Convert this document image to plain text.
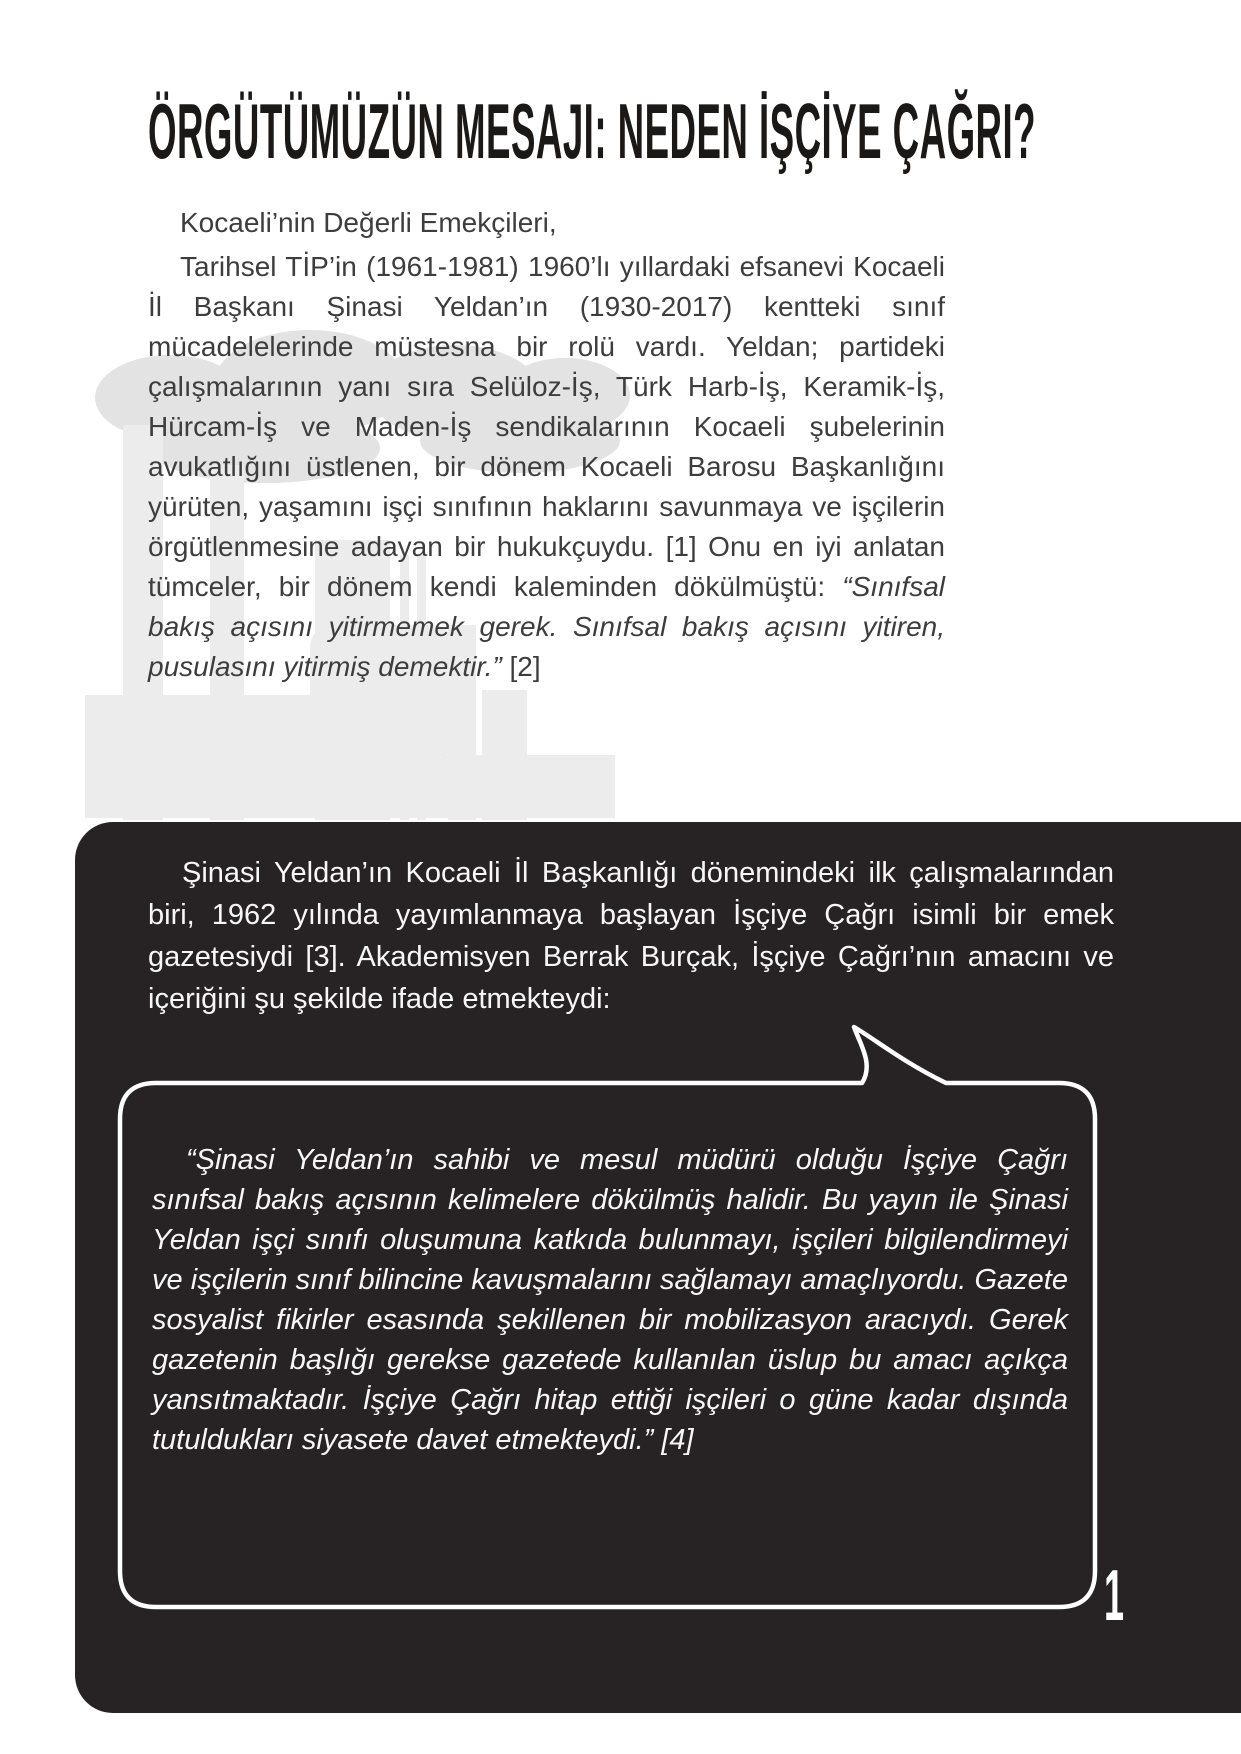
ÖRGÜTÜMÜZÜN MESAJI: NEDEN İŞÇİYE ÇAĞRI?

Kocaeli’nin Değerli Emekçileri,

Tarihsel TİP’in (1961-1981) 1960’lı yıllardaki efsanevi Kocaeli İl Başkanı Şinasi Yeldan’ın (1930-2017) kentteki sınıf mücadelelerinde müstesna bir rolü vardı. Yeldan; partideki çalışmalarının yanı sıra Selüloz-İş, Türk Harb-İş, Keramik-İş, Hürcam-İş ve Maden-İş sendikalarının Kocaeli şubelerinin avukatlığını üstlenen, bir dönem Kocaeli Barosu Başkanlığını yürüten, yaşamını işçi sınıfının haklarını savunmaya ve işçilerin örgütlenmesine adayan bir hukukçuydu. [1] Onu en iyi anlatan tümceler, bir dönem kendi kaleminden dökülmüştü: “Sınıfsal bakış açısını yitirmemek gerek. Sınıfsal bakış açısını yitiren, pusulasını yitirmiş demektir.” [2]

Şinasi Yeldan’ın Kocaeli İl Başkanlığı dönemindeki ilk çalışmalarından biri, 1962 yılında yayımlanmaya başlayan İşçiye Çağrı isimli bir emek gazetesiydi [3]. Akademisyen Berrak Burçak, İşçiye Çağrı’nın amacını ve içeriğini şu şekilde ifade etmekteydi:

“Şinasi Yeldan’ın sahibi ve mesul müdürü olduğu İşçiye Çağrı sınıfsal bakış açısının kelimelere dökülmüş halidir. Bu yayın ile Şinasi Yeldan işçi sınıfı oluşumuna katkıda bulunmayı, işçileri bilgilendirmeyi ve işçilerin sınıf bilincine kavuşmalarını sağlamayı amaçlıyordu. Gazete sosyalist fikirler esasında şekillenen bir mobilizasyon aracıydı. Gerek gazetenin başlığı gerekse gazetede kullanılan üslup bu amacı açıkça yansıtmaktadır. İşçiye Çağrı hitap ettiği işçileri o güne kadar dışında tutuldukları siyasete davet etmekteydi.” [4]

1
